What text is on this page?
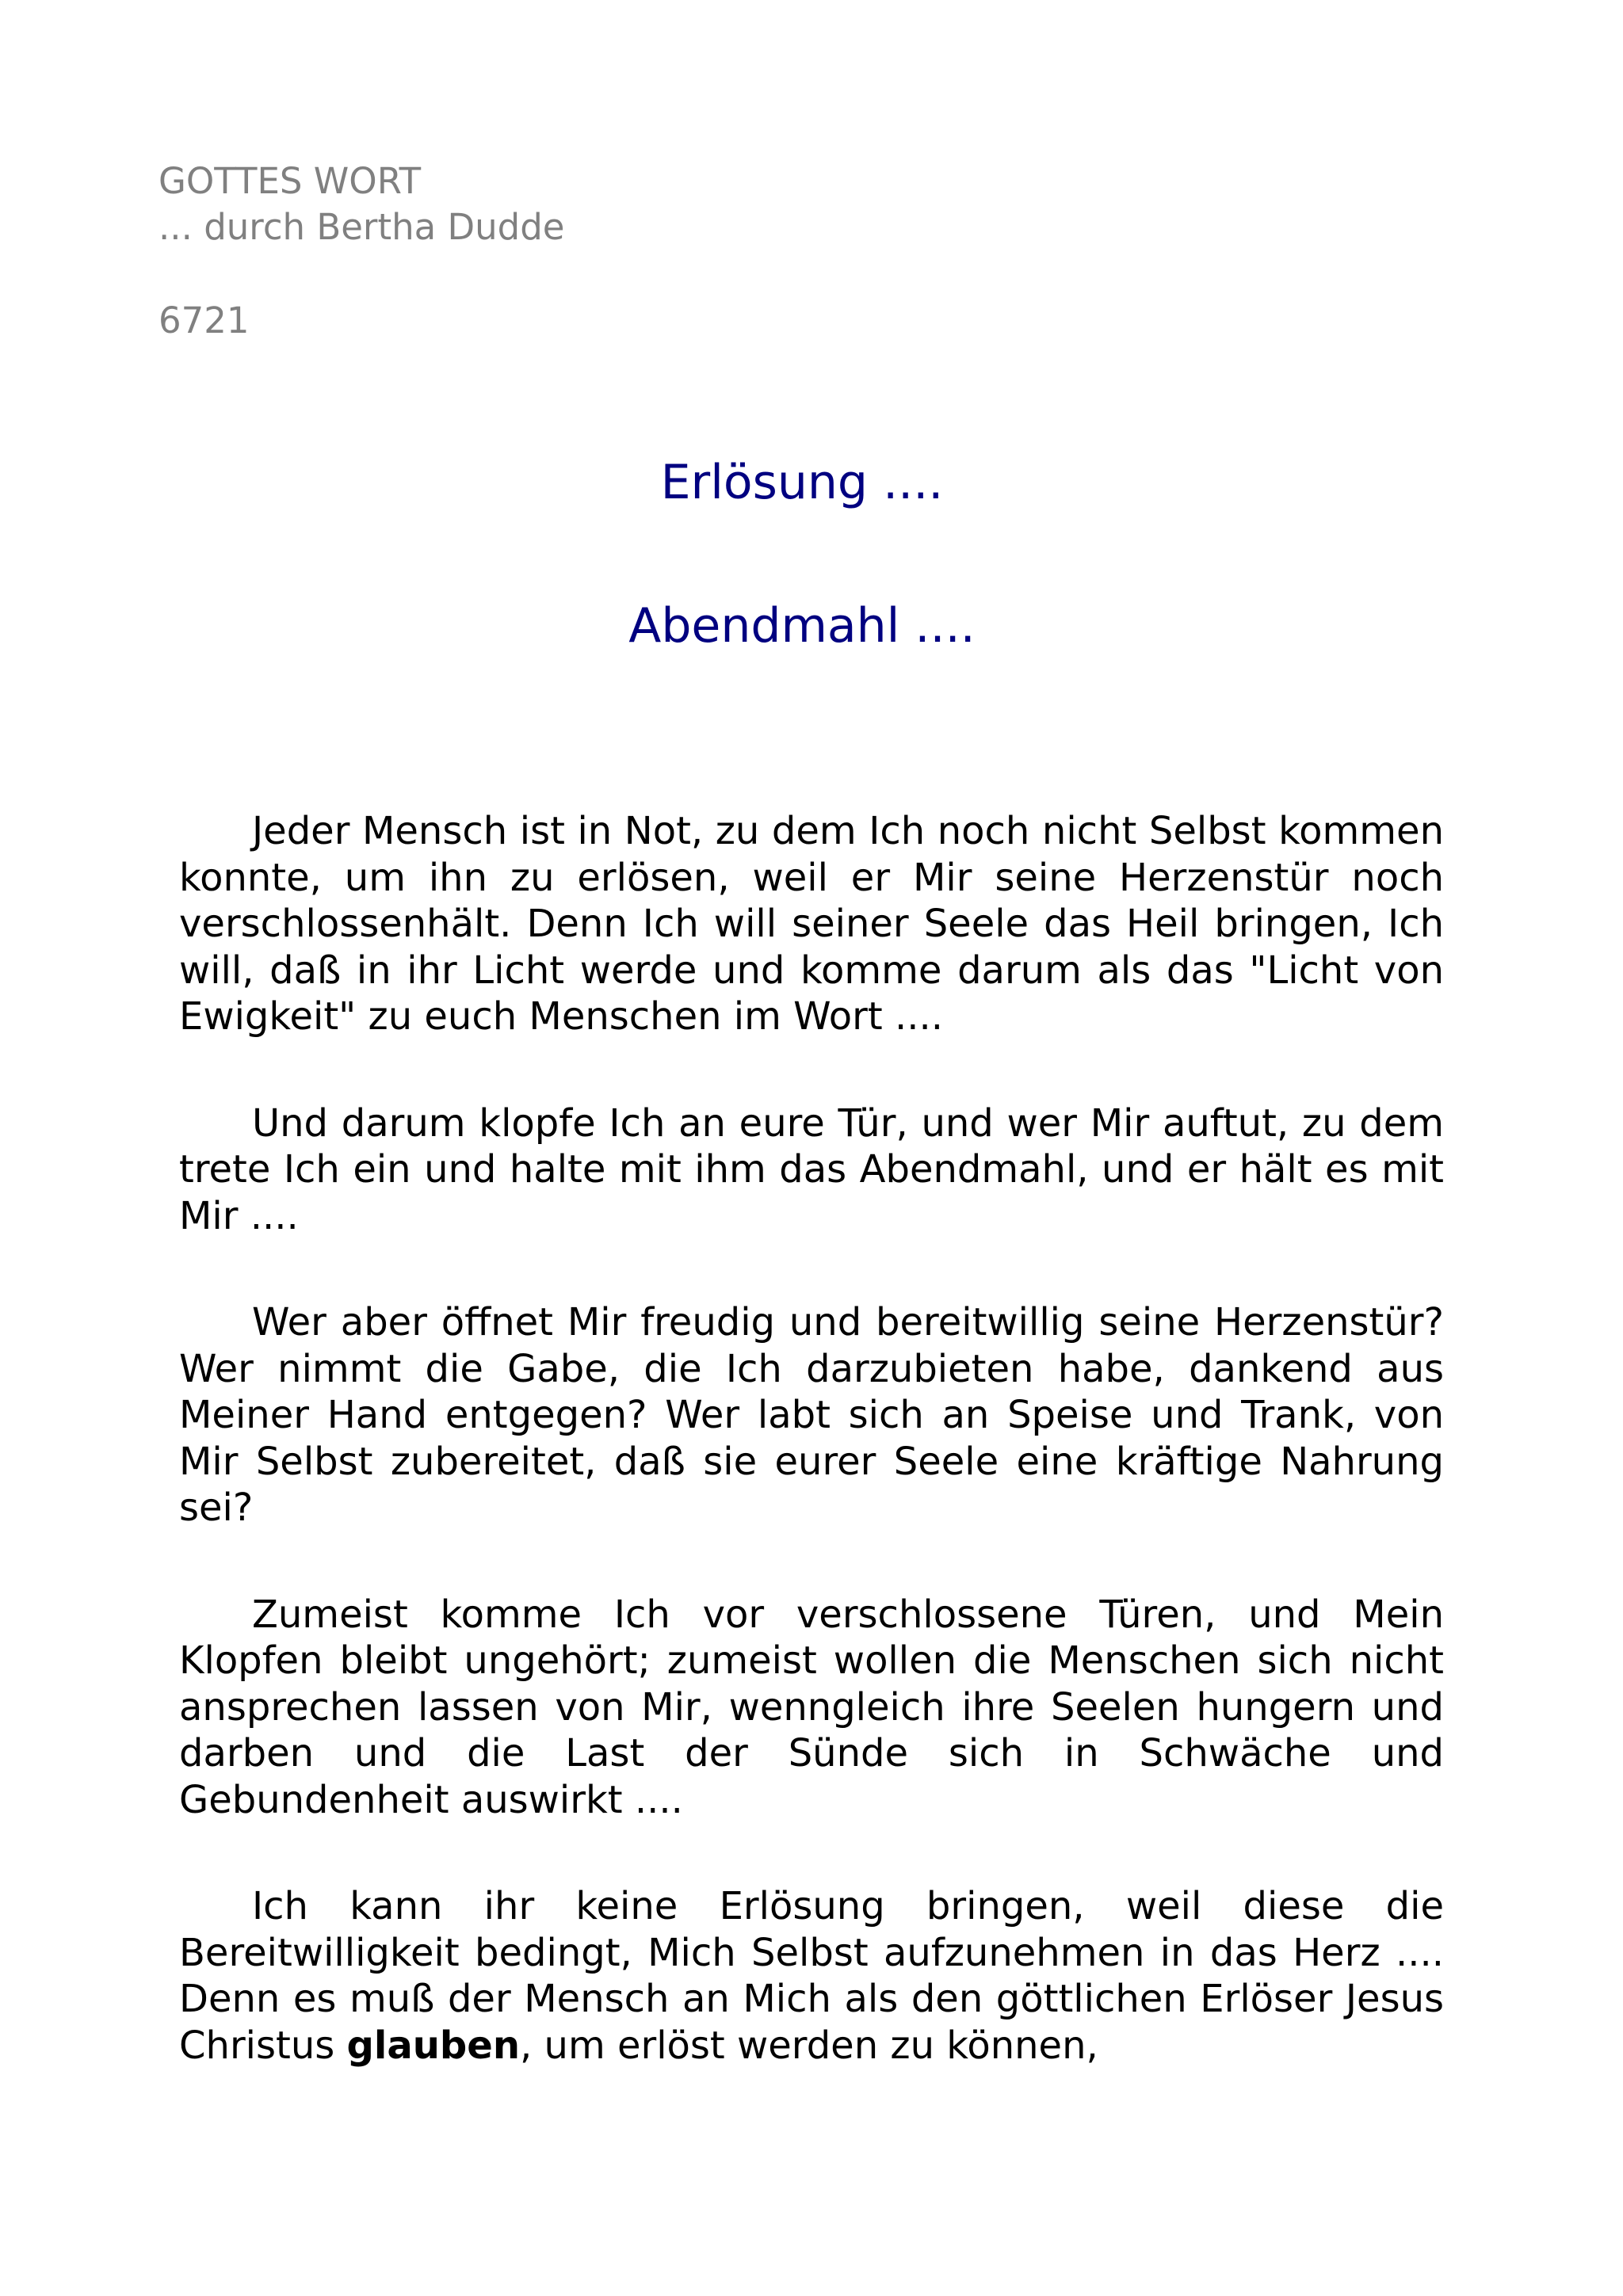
GOTTES WORT
... durch Bertha Dudde
6721
Erlösung ....
Abendmahl ....

Jeder Mensch ist in Not, zu dem Ich noch nicht Selbst kommen konnte, um ihn zu erlösen, weil er Mir seine Herzenstür noch verschlossenhält. Denn Ich will seiner Seele das Heil bringen, Ich will, daß in ihr Licht werde und komme darum als das "Licht von Ewigkeit" zu euch Menschen im Wort ....

Und darum klopfe Ich an eure Tür, und wer Mir auftut, zu dem trete Ich ein und halte mit ihm das Abendmahl, und er hält es mit Mir ....

Wer aber öffnet Mir freudig und bereitwillig seine Herzenstür? Wer nimmt die Gabe, die Ich darzubieten habe, dankend aus Meiner Hand entgegen? Wer labt sich an Speise und Trank, von Mir Selbst zubereitet, daß sie eurer Seele eine kräftige Nahrung sei?

Zumeist komme Ich vor verschlossene Türen, und Mein Klopfen bleibt ungehört; zumeist wollen die Menschen sich nicht ansprechen lassen von Mir, wenngleich ihre Seelen hungern und darben und die Last der Sünde sich in Schwäche und Gebundenheit auswirkt ....

Ich kann ihr keine Erlösung bringen, weil diese die Bereitwilligkeit bedingt, Mich Selbst aufzunehmen in das Herz .... Denn es muß der Mensch an Mich als den göttlichen Erlöser Jesus Christus glauben, um erlöst werden zu können,
